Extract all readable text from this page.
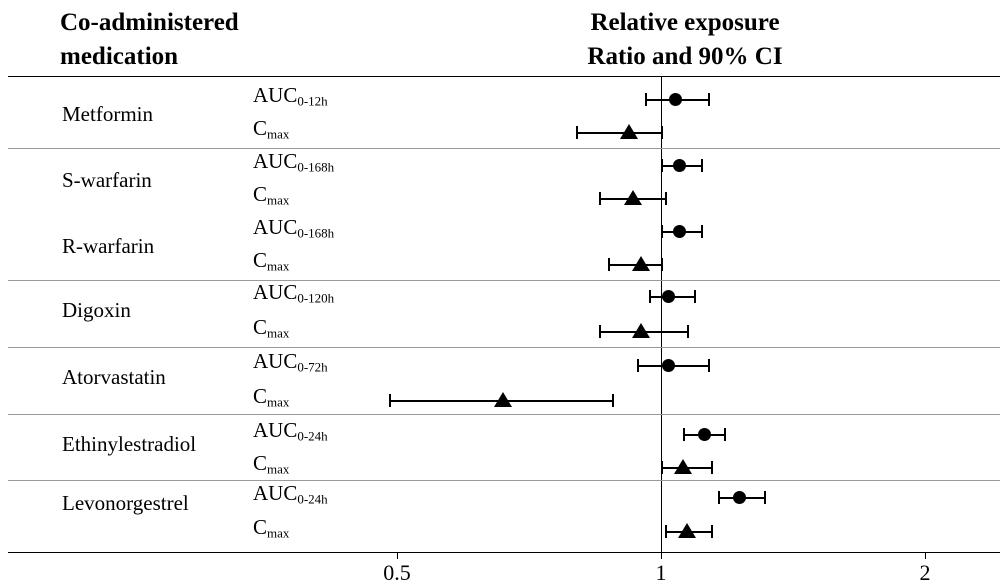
Co-administered
medication
Relative exposure
Ratio and 90% CI
Metformin
S-warfarin
R-warfarin
Digoxin
Atorvastatin
Ethinylestradiol
Levonorgestrel
$AUC_{0-12h}$
$C_{max}$
$AUC_{0-168h}$
$C_{max}$
$AUC_{0-168h}$
$C_{max}$
$AUC_{0-120h}$
$C_{max}$
$AUC_{0-72h}$
$C_{max}$
$AUC_{0-24h}$
$C_{max}$
$AUC_{0-24h}$
$C_{max}$
0.5	1	2
